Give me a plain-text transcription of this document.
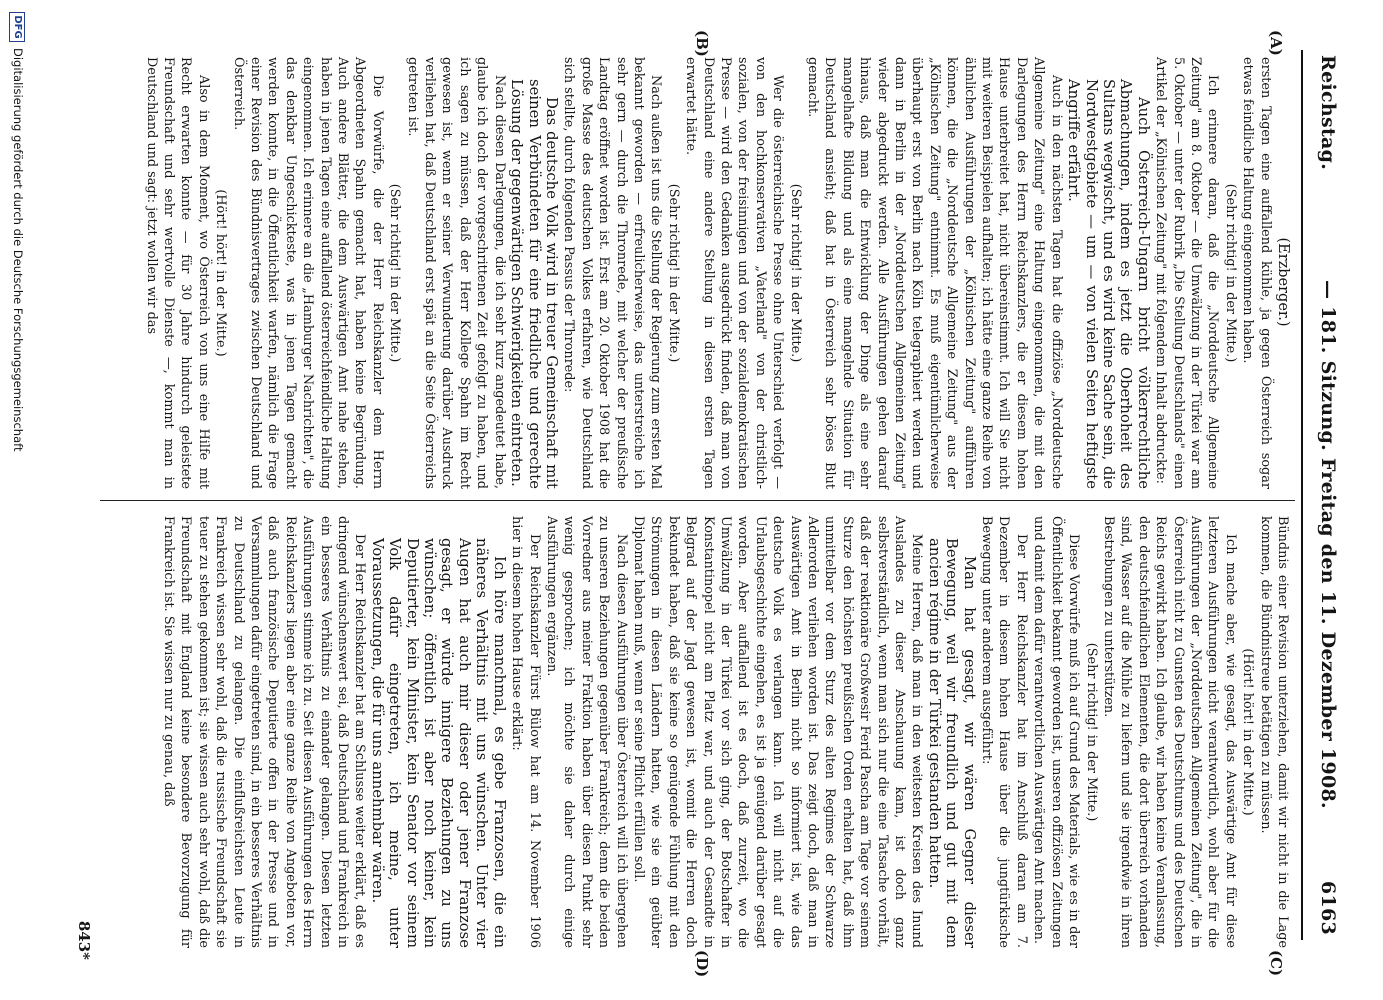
Reichstag.
— 181. Sitzung. Freitag den 11. Dezember 1908.
6163
(A)
(B)
(C)
(D)

(Erzberger.)

ersten Tagen eine auffallend kühle, ja gegen Österreich sogar etwas feindliche Haltung eingenommen haben.

(Sehr richtig! in der Mitte.)

Ich erinnere daran, daß die „Norddeutsche Allgemeine Zeitung" am 8. Oktober — die Umwälzung in der Türkei war am 5. Oktober — unter der Rubrik „Die Stellung Deutschlands" einen Artikel der „Kölnischen Zeitung" mit folgendem Inhalt abdruckte:

Auch Österreich-Ungarn bricht völkerrechtliche Abmachungen, indem es jetzt die Oberhoheit des Sultans wegwischt, und es wird keine Sache sein, die Nordwestgebiete — um — von vielen Seiten heftigste Angriffe erfährt.

Auch in den nächsten Tagen hat die offiziöse „Norddeutsche Allgemeine Zeitung" eine Haltung eingenommen, die mit den Darlegungen des Herrn Reichskanzlers, die er diesem hohen Hause unterbreitet hat, nicht übereinstimmt. Ich will Sie nicht mit weiteren Beispielen aufhalten; ich hätte eine ganze Reihe von ähnlichen Ausführungen der „Kölnischen Zeitung" aufführen können, die die „Norddeutsche Allgemeine Zeitung" aus der „Kölnischen Zeitung" entnimmt. Es muß eigentümlicherweise überhaupt erst von Berlin nach Köln telegraphiert werden und dann in Berlin in der „Norddeutschen Allgemeinen Zeitung" wieder abgedruckt werden. Alle Ausführungen gehen darauf hinaus, daß man die Entwicklung der Dinge als eine sehr mangelhafte Bildung und als eine mangelnde Situation für Deutschland ansieht; daß hat in Österreich sehr böses Blut gemacht.

(Sehr richtig! in der Mitte.)

Wer die österreichische Presse ohne Unterschied verfolgt — von den hochkonservativen „Vaterland" von der christlich-sozialen, von der freisinnigen und von der sozialdemokratischen Presse — wird den Gedanken ausgedrückt finden, daß man von Deutschland eine andere Stellung in diesen ersten Tagen erwartet hätte.

(Sehr richtig! in der Mitte.)

Nach außen ist uns die Stellung der Regierung zum ersten Mal bekannt geworden — erfreulicherweise, das unterstreiche ich sehr gern — durch die Thronrede, mit welcher der preußische Landtag eröffnet worden ist. Erst am 20. Oktober 1908 hat die große Masse des deutschen Volkes erfahren, wie Deutschland sich stellte, durch folgenden Passus der Thronrede:

Das deutsche Volk wird in treuer Gemeinschaft mit seinen Verbündeten für eine friedliche und gerechte Lösung der gegenwärtigen Schwierigkeiten eintreten.

Nach diesen Darlegungen, die ich sehr kurz angedeutet habe, glaube ich doch der vorgeschrittenen Zeit gefolgt zu haben, und ich sagen zu müssen, daß der Herr Kollege Spahn im Recht gewesen ist, wenn er seiner Verwunderung darüber Ausdruck verliehen hat, daß Deutschland erst spät an die Seite Österreichs getreten ist.

(Sehr richtig! in der Mitte.)

Die Vorwürfe, die der Herr Reichskanzler dem Herrn Abgeordneten Spahn gemacht hat, haben keine Begründung. Auch andere Blätter, die dem Auswärtigen Amt nahe stehen, haben in jenen Tagen eine auffallend österreichfeindliche Haltung eingenommen. Ich erinnere an die „Hamburger Nachrichten", die das denkbar Ungeschickteste, was in jenen Tagen gemacht werden konnte, in die Öffentlichkeit warfen, nämlich die Frage einer Revision des Bündnisvertrages zwischen Deutschland und Österreich.

(Hört! hört! in der Mitte.)

Also in dem Moment, wo Österreich von uns eine Hilfe mit Recht erwarten konnte — für 30 Jahre hindurch geleistete Freundschaft und sehr wertvolle Dienste —, kommt man in Deutschland und sagt: jetzt wollen wir das

Bündnis einer Revision unterziehen, damit wir nicht in die Lage kommen, die Bündnistreue betätigen zu müssen.

(Hört! hört! in der Mitte.)

Ich mache aber, wie gesagt, das Auswärtige Amt für diese letzteren Ausführungen nicht verantwortlich, wohl aber für die Ausführungen der „Norddeutschen Allgemeinen Zeitung", die in Österreich nicht zu Gunsten des Deutschtums und des Deutschen Reichs gewirkt haben. Ich glaube, wir haben keine Veranlassung, den deutschfeindlichen Elementen, die dort überreich vorhanden sind, Wasser auf die Mühle zu liefern und sie irgendwie in ihren Bestrebungen zu unterstützen.

(Sehr richtig! in der Mitte.)

Diese Vorwürfe muß ich auf Grund des Materials, wie es in der Öffentlichkeit bekannt geworden ist, unseren offiziösen Zeitungen und damit dem dafür verantwortlichen Auswärtigen Amt machen.

Der Herr Reichskanzler hat im Anschluß daran am 7. Dezember in diesem hohen Hause über die jungtürkische Bewegung unter anderem ausgeführt:

Man hat gesagt, wir wären Gegner dieser Bewegung, weil wir freundlich und gut mit dem ancien régime in der Türkei gestanden hatten.

Meine Herren, daß man in den weitesten Kreisen des Inund Auslandes zu dieser Anschauung kam, ist doch ganz selbstverständlich, wenn man sich nur die eine Tatsache vorhält, daß der reaktionäre Großwesir Ferid Pascha am Tage vor seinem Sturze den höchsten preußischen Orden erhalten hat, daß ihm unmittelbar vor dem Sturz des alten Regimes der Schwarze Adlerorden verliehen worden ist. Das zeigt doch, daß man in Auswärtigen Amt in Berlin nicht so informiert ist, wie das deutsche Volk es verlangen kann. Ich will nicht auf die Urlaubsgeschichte eingehen, es ist ja genügend darüber gesagt worden. Aber auffallend ist es doch, daß zurzeit, wo die Umwälzung in der Türkei vor sich ging, der Botschafter in Konstantinopel nicht am Platz war, und auch der Gesandte in Belgrad auf der Jagd gewesen ist, womit die Herren doch bekundet haben, daß sie keine so genügende Fühlung mit den Strömungen in diesen Ländern hatten, wie sie ein geübter Diplomat haben muß, wenn er seine Pflicht erfüllen soll.

Nach diesen Ausführungen über Österreich will ich übergehen zu unseren Beziehungen gegenüber Frankreich; denn die beiden Vorredner aus meiner Fraktion haben über diesen Punkt sehr wenig gesprochen; ich möchte sie daher durch einige Ausführungen ergänzen.

Der Reichskanzler Fürst Bülow hat am 14. November 1906 hier in diesem hohen Hause erklärt:

Ich höre manchmal, es gebe Franzosen, die ein näheres Verhältnis mit uns wünschen. Unter vier Augen hat auch mir dieser oder jener Franzose gesagt, er würde innigere Beziehungen zu uns wünschen; öffentlich ist aber noch keiner, kein Deputierter, kein Minister, kein Senator vor seinem Volk dafür eingetreten, ich meine, unter Voraussetzungen, die für uns annehmbar wären.

Der Herr Reichskanzler hat am Schlusse weiter erklärt, daß es dringend wünschenswert sei, daß Deutschland und Frankreich in ein besseres Verhältnis zu einander gelangen. Diesen letzten Ausführungen stimme ich zu. Seit diesen Ausführungen des Herrn Reichskanzlers liegen aber eine ganze Reihe von Angeboten vor, daß auch französische Deputierte offen in der Presse und in Versammlungen dafür eingetreten sind, in ein besseres Verhältnis zu Deutschland zu gelangen. Die einflußreichsten Leute in Frankreich wissen sehr wohl, daß die russische Freundschaft sie teuer zu stehen gekommen ist; sie wissen auch sehr wohl, daß die Freundschaft mit England keine besondere Bevorzugung für Frankreich ist. Sie wissen nur zu genau, daß

843*
DFG
Digitalisierung gefördert durch die Deutsche Forschungsgemeinschaft
